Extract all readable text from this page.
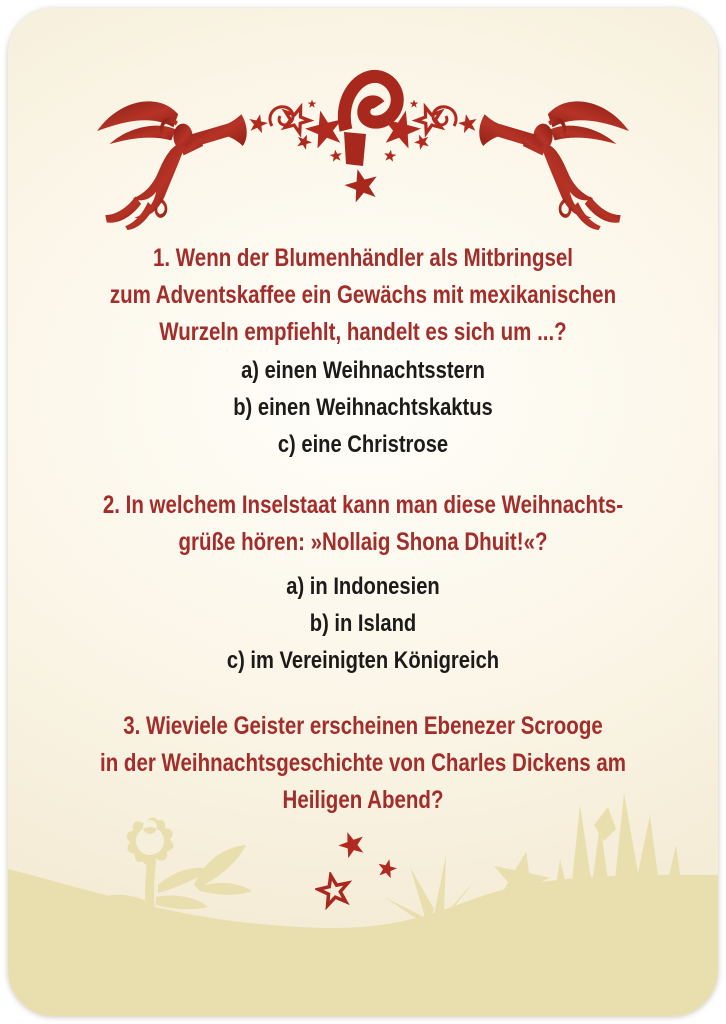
1. Wenn der Blumenhändler als Mitbringsel
zum Adventskaffee ein Gewächs mit mexikanischen
Wurzeln empfiehlt, handelt es sich um ...?
a) einen Weihnachtsstern
b) einen Weihnachtskaktus
c) eine Christrose
2. In welchem Inselstaat kann man diese Weihnachts-
grüße hören: »Nollaig Shona Dhuit!«?
a) in Indonesien
b) in Island
c) im Vereinigten Königreich
3. Wieviele Geister erscheinen Ebenezer Scrooge
in der Weihnachtsgeschichte von Charles Dickens am
Heiligen Abend?
